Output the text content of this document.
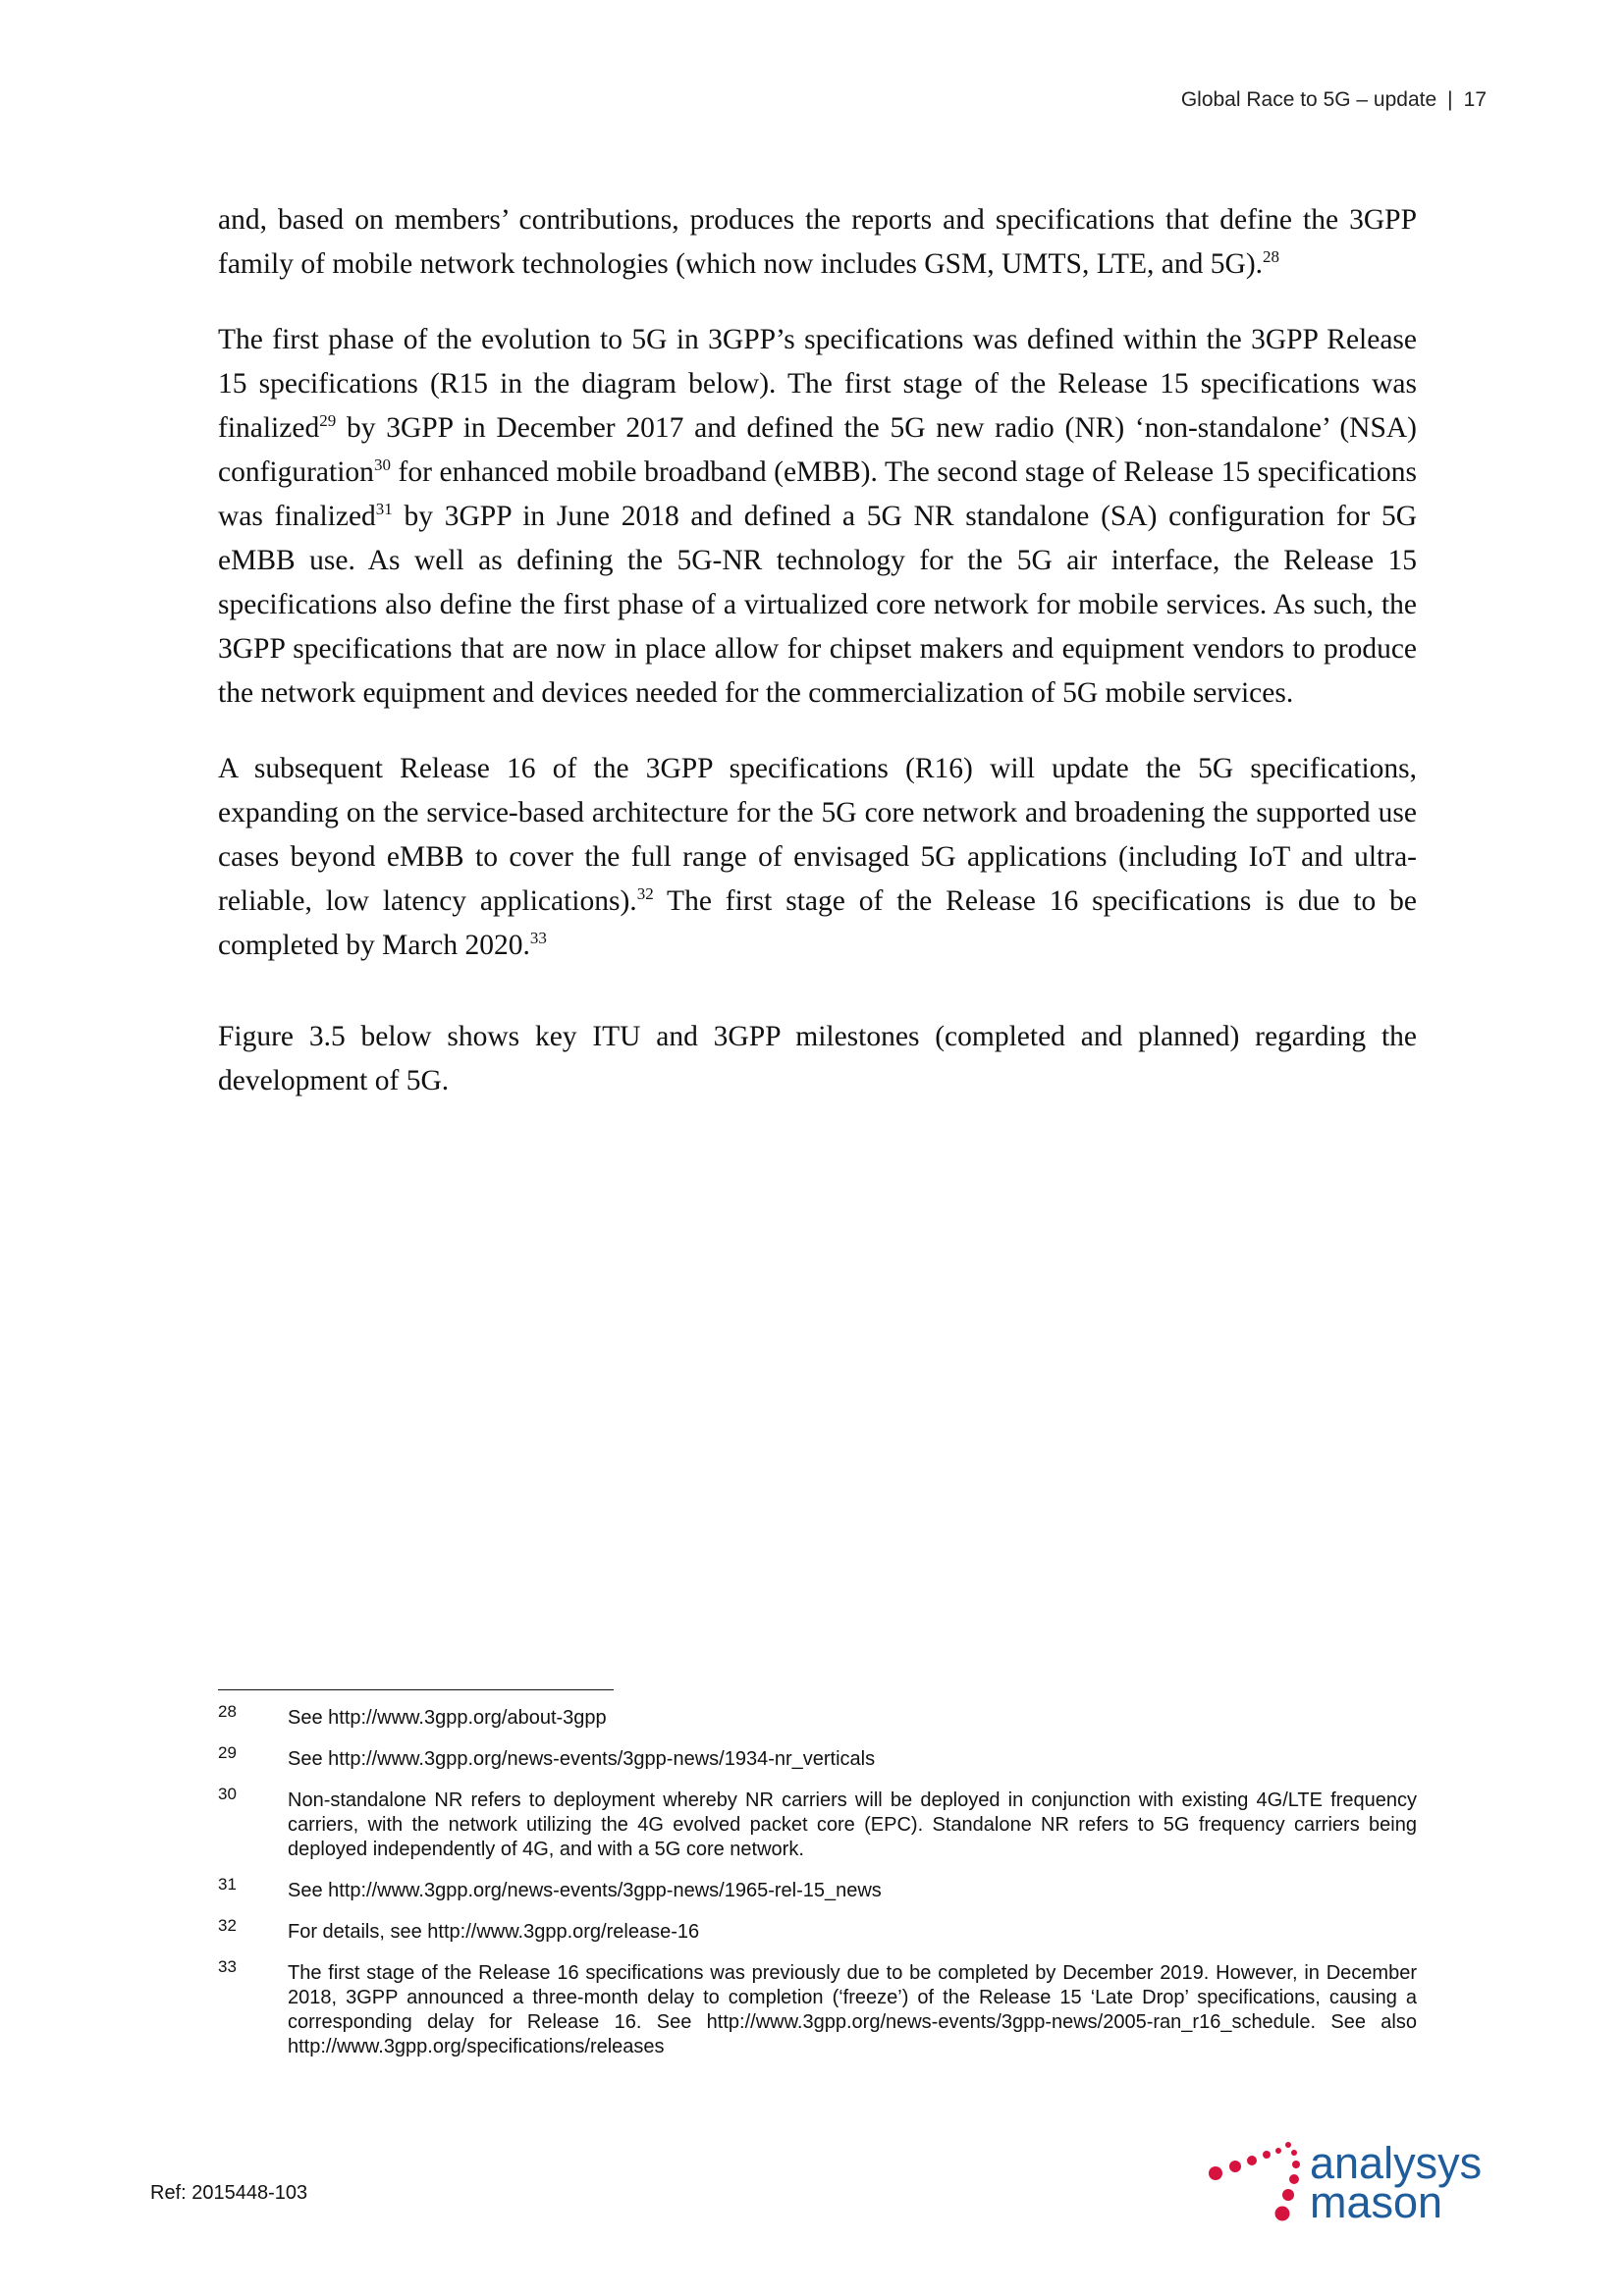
Global Race to 5G – update | 17

and, based on members’ contributions, produces the reports and specifications that define the 3GPP family of mobile network technologies (which now includes GSM, UMTS, LTE, and 5G).$^{28}$

The first phase of the evolution to 5G in 3GPP’s specifications was defined within the 3GPP Release 15 specifications (R15 in the diagram below). The first stage of the Release 15 specifications was finalized$^{29}$ by 3GPP in December 2017 and defined the 5G new radio (NR) ‘non-standalone’ (NSA) configuration$^{30}$ for enhanced mobile broadband (eMBB). The second stage of Release 15 specifications was finalized$^{31}$ by 3GPP in June 2018 and defined a 5G NR standalone (SA) configuration for 5G eMBB use. As well as defining the 5G-NR technology for the 5G air interface, the Release 15 specifications also define the first phase of a virtualized core network for mobile services. As such, the 3GPP specifications that are now in place allow for chipset makers and equipment vendors to produce the network equipment and devices needed for the commercialization of 5G mobile services.

A subsequent Release 16 of the 3GPP specifications (R16) will update the 5G specifications, expanding on the service-based architecture for the 5G core network and broadening the supported use cases beyond eMBB to cover the full range of envisaged 5G applications (including IoT and ultra-reliable, low latency applications).$^{32}$ The first stage of the Release 16 specifications is due to be completed by March 2020.33

Figure 3.5 below shows key ITU and 3GPP milestones (completed and planned) regarding the development of 5G.

28	See http://www.3gpp.org/about-3gpp
29	See http://www.3gpp.org/news-events/3gpp-news/1934-nr_verticals
30	Non-standalone NR refers to deployment whereby NR carriers will be deployed in conjunction with existing 4G/LTE frequency carriers, with the network utilizing the 4G evolved packet core (EPC). Standalone NR refers to 5G frequency carriers being deployed independently of 4G, and with a 5G core network.
31	See http://www.3gpp.org/news-events/3gpp-news/1965-rel-15_news
32	For details, see http://www.3gpp.org/release-16
33	The first stage of the Release 16 specifications was previously due to be completed by December 2019. However, in December 2018, 3GPP announced a three-month delay to completion (‘freeze’) of the Release 15 ‘Late Drop’ specifications, causing a corresponding delay for Release 16. See http://www.3gpp.org/news-events/3gpp-news/2005-ran_r16_schedule. See also http://www.3gpp.org/specifications/releases
Ref: 2015448-103
analysys
mason
